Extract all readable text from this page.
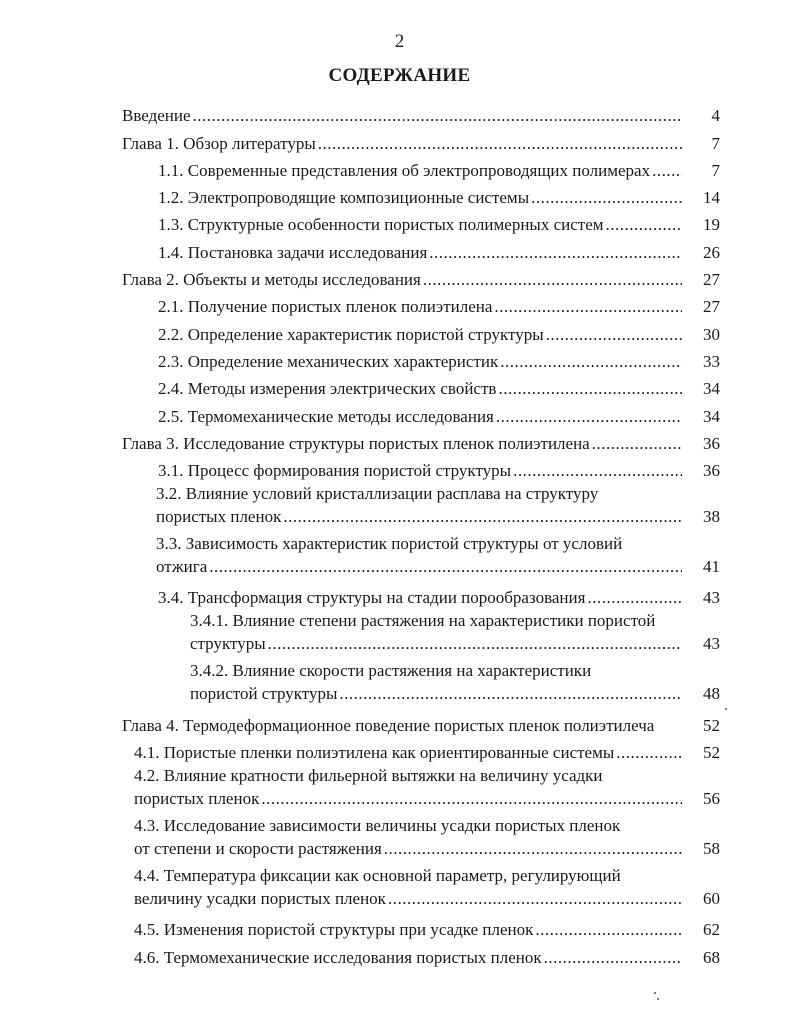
2
СОДЕРЖАНИЕ
Введение .....	4
Глава 1. Обзор литературы .....	7
1.1. Современные представления об электропроводящих полимерах .....	7
1.2. Электропроводящие композиционные системы .....	14
1.3. Структурные особенности пористых полимерных систем .....	19
1.4. Постановка задачи исследования .....	26
Глава 2. Объекты и методы исследования .....	27
2.1. Получение пористых пленок полиэтилена .....	27
2.2. Определение характеристик пористой структуры .....	30
2.3. Определение механических характеристик .....	33
2.4. Методы измерения электрических свойств .....	34
2.5. Термомеханические методы исследования .....	34
Глава 3. Исследование структуры пористых пленок полиэтилена .....	36
3.1. Процесс формирования пористой структуры .....	36
3.2. Влияние условий кристаллизации расплава на структуру
пористых пленок .....	38
3.3. Зависимость характеристик пористой структуры от условий
отжига .....	41
3.4. Трансформация структуры на стадии порообразования .....	43
3.4.1. Влияние степени растяжения на характеристики пористой
структуры .....	43
3.4.2. Влияние скорости растяжения на характеристики
пористой структуры .....	48
Глава 4. Термодеформационное поведение пористых пленок полиэтилеча	52
4.1. Пористые пленки полиэтилена как ориентированные системы .....	52
4.2. Влияние кратности фильерной вытяжки на величину усадки
пористых пленок .....	56
4.3. Исследование зависимости величины усадки пористых пленок
от степени и скорости растяжения .....	58
4.4. Температура фиксации как основной параметр, регулирующий
величину усадки пористых пленок .....	60
4.5. Изменения пористой структуры при усадке пленок .....	62
4.6. Термомеханические исследования пористых пленок .....	68
